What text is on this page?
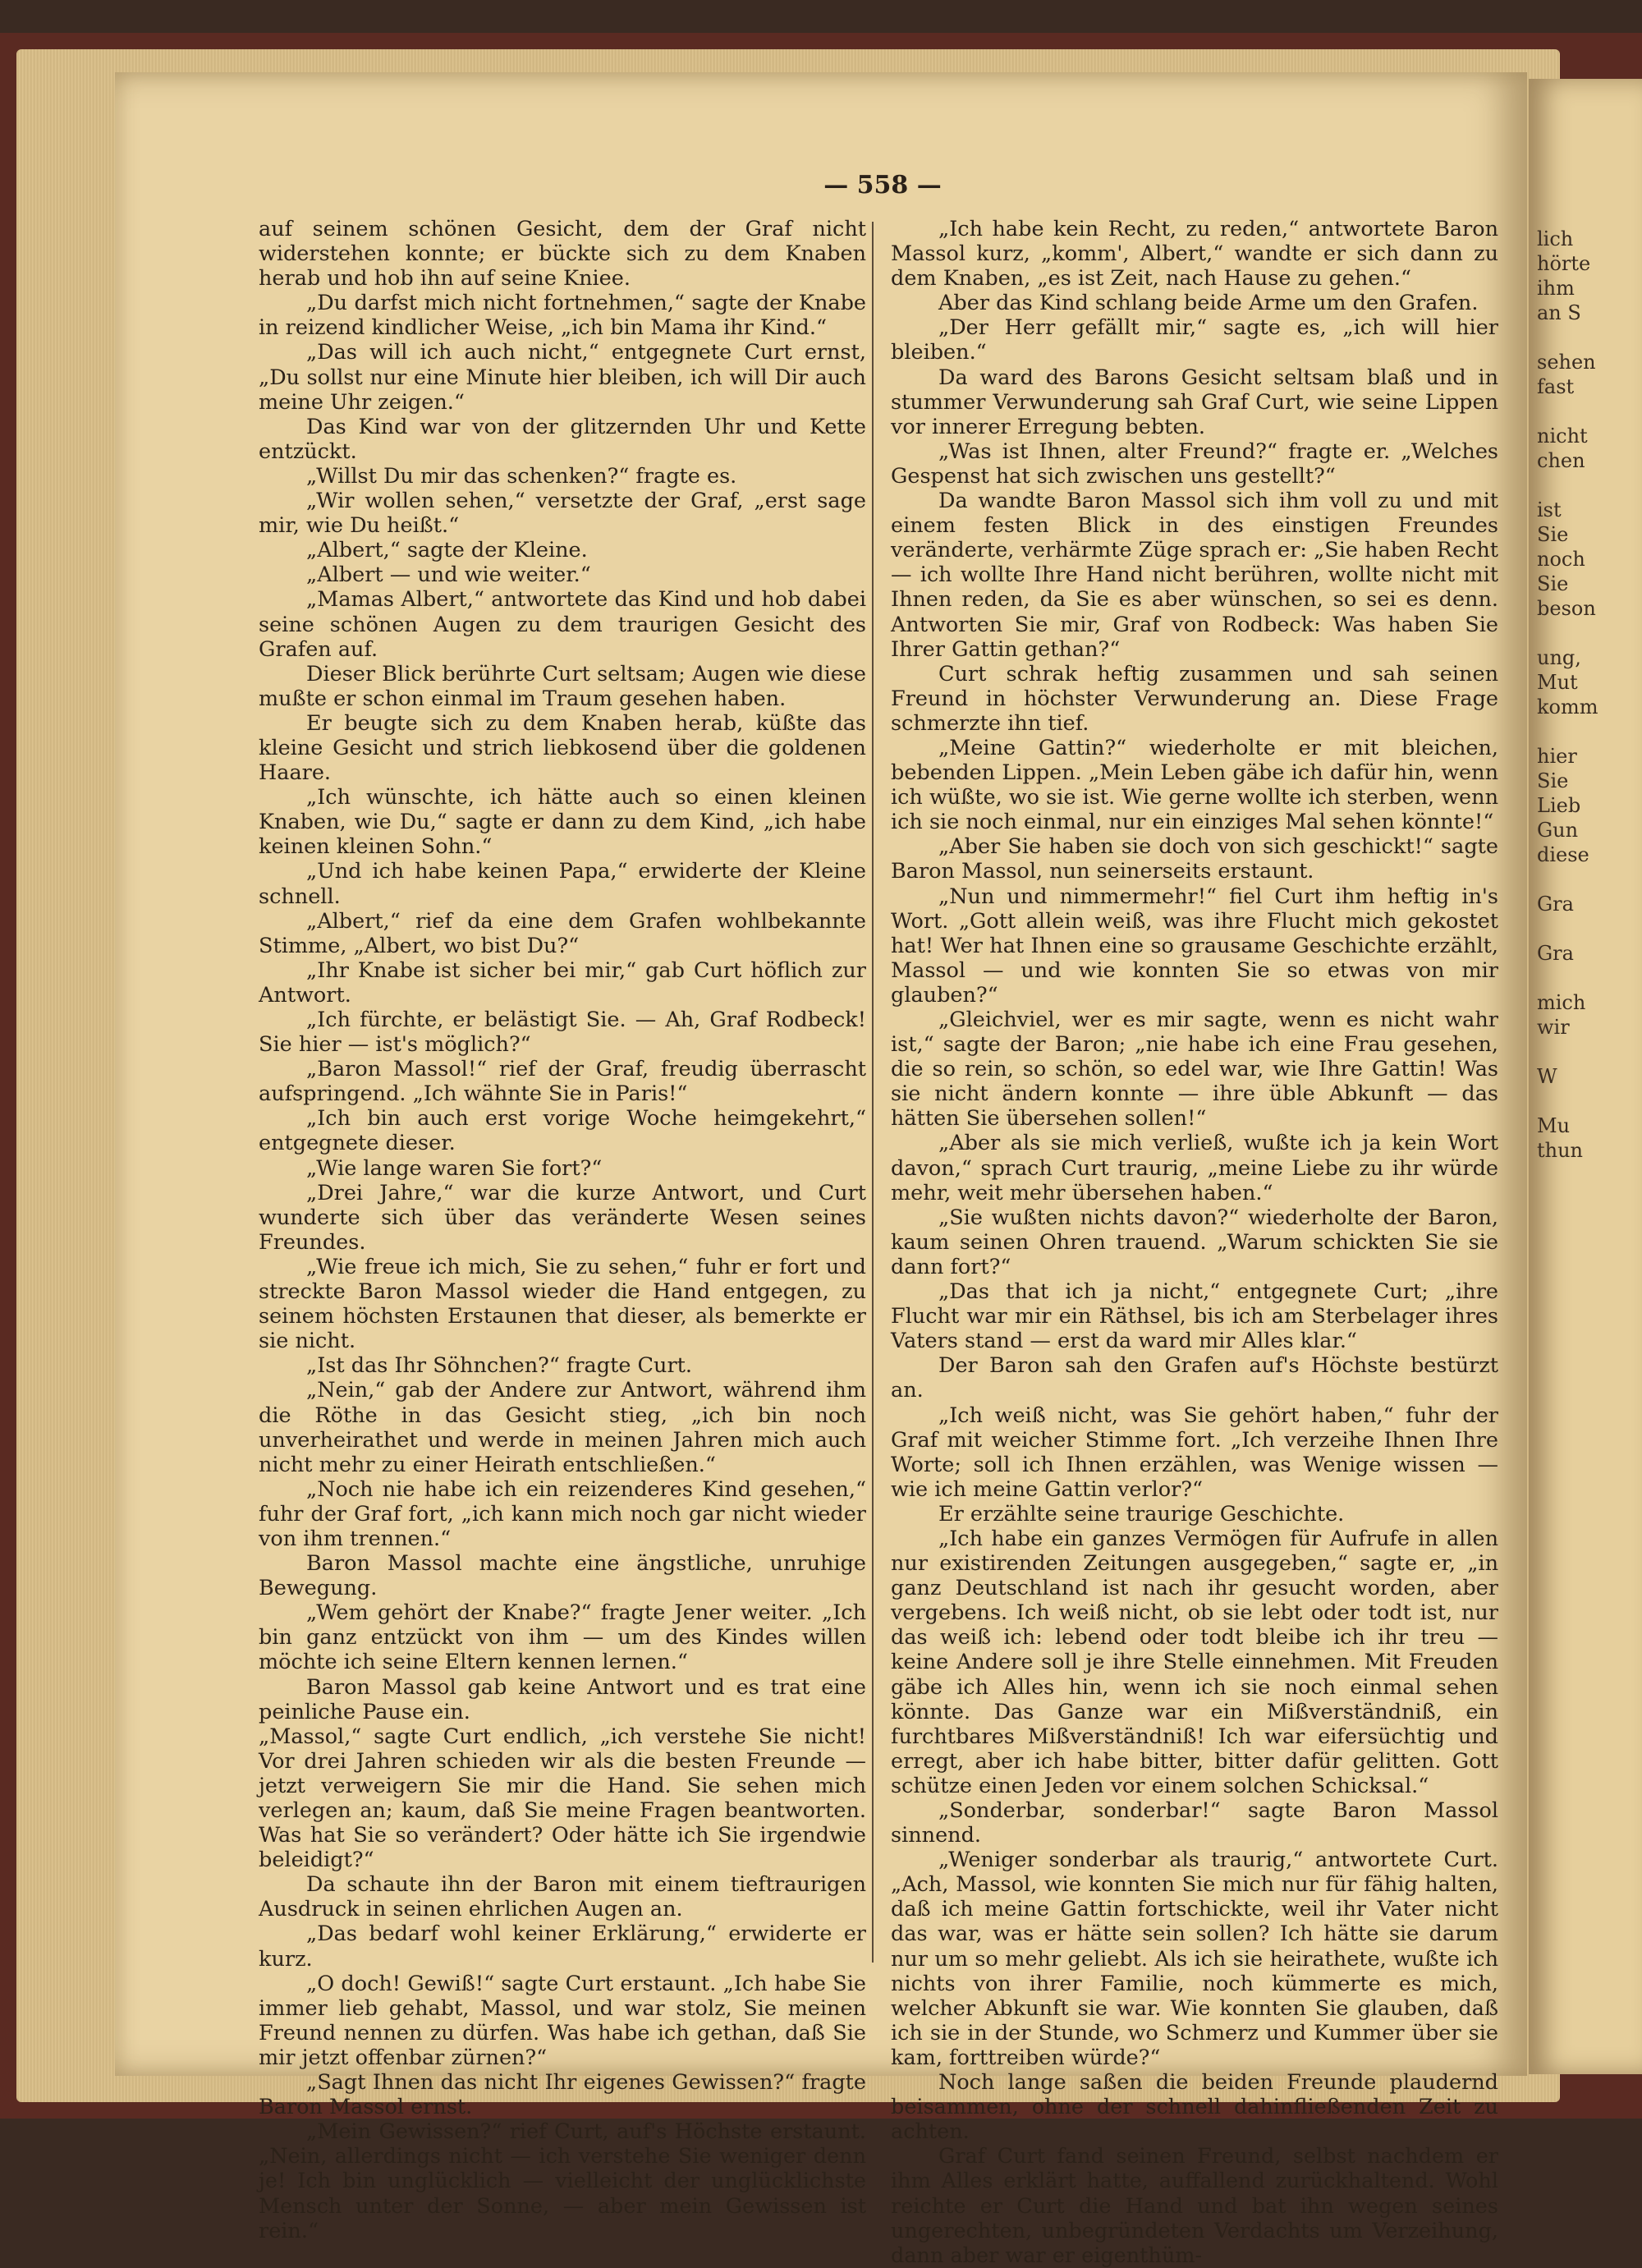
— 558 —

auf seinem schönen Gesicht, dem der Graf nicht widerstehen konnte; er bückte sich zu dem Knaben herab und hob ihn auf seine Kniee.

„Du darfst mich nicht fortnehmen,“ sagte der Knabe in reizend kindlicher Weise, „ich bin Mama ihr Kind.“

„Das will ich auch nicht,“ entgegnete Curt ernst, „Du sollst nur eine Minute hier bleiben, ich will Dir auch meine Uhr zeigen.“

Das Kind war von der glitzernden Uhr und Kette entzückt.

„Willst Du mir das schenken?“ fragte es.

„Wir wollen sehen,“ versetzte der Graf, „erst sage mir, wie Du heißt.“

„Albert,“ sagte der Kleine.

„Albert — und wie weiter.“

„Mamas Albert,“ antwortete das Kind und hob dabei seine schönen Augen zu dem traurigen Gesicht des Grafen auf.

Dieser Blick berührte Curt seltsam; Augen wie diese mußte er schon einmal im Traum gesehen haben.

Er beugte sich zu dem Knaben herab, küßte das kleine Gesicht und strich liebkosend über die goldenen Haare.

„Ich wünschte, ich hätte auch so einen kleinen Knaben, wie Du,“ sagte er dann zu dem Kind, „ich habe keinen kleinen Sohn.“

„Und ich habe keinen Papa,“ erwiderte der Kleine schnell.

„Albert,“ rief da eine dem Grafen wohlbekannte Stimme, „Albert, wo bist Du?“

„Ihr Knabe ist sicher bei mir,“ gab Curt höflich zur Antwort.

„Ich fürchte, er belästigt Sie. — Ah, Graf Rodbeck! Sie hier — ist's möglich?“

„Baron Massol!“ rief der Graf, freudig überrascht aufspringend. „Ich wähnte Sie in Paris!“

„Ich bin auch erst vorige Woche heimgekehrt,“ entgegnete dieser.

„Wie lange waren Sie fort?“

„Drei Jahre,“ war die kurze Antwort, und Curt wunderte sich über das veränderte Wesen seines Freundes.

„Wie freue ich mich, Sie zu sehen,“ fuhr er fort und streckte Baron Massol wieder die Hand entgegen, zu seinem höchsten Erstaunen that dieser, als bemerkte er sie nicht.

„Ist das Ihr Söhnchen?“ fragte Curt.

„Nein,“ gab der Andere zur Antwort, während ihm die Röthe in das Gesicht stieg, „ich bin noch unverheirathet und werde in meinen Jahren mich auch nicht mehr zu einer Heirath entschließen.“

„Noch nie habe ich ein reizenderes Kind gesehen,“ fuhr der Graf fort, „ich kann mich noch gar nicht wieder von ihm trennen.“

Baron Massol machte eine ängstliche, unruhige Bewegung.

„Wem gehört der Knabe?“ fragte Jener weiter. „Ich bin ganz entzückt von ihm — um des Kindes willen möchte ich seine Eltern kennen lernen.“

Baron Massol gab keine Antwort und es trat eine peinliche Pause ein.

„Massol,“ sagte Curt endlich, „ich verstehe Sie nicht! Vor drei Jahren schieden wir als die besten Freunde — jetzt verweigern Sie mir die Hand. Sie sehen mich verlegen an; kaum, daß Sie meine Fragen beantworten. Was hat Sie so verändert? Oder hätte ich Sie irgendwie beleidigt?“

Da schaute ihn der Baron mit einem tieftraurigen Ausdruck in seinen ehrlichen Augen an.

„Das bedarf wohl keiner Erklärung,“ erwiderte er kurz.

„O doch! Gewiß!“ sagte Curt erstaunt. „Ich habe Sie immer lieb gehabt, Massol, und war stolz, Sie meinen Freund nennen zu dürfen. Was habe ich gethan, daß Sie mir jetzt offenbar zürnen?“

„Sagt Ihnen das nicht Ihr eigenes Gewissen?“ fragte Baron Massol ernst.

„Mein Gewissen?“ rief Curt, auf's Höchste erstaunt. „Nein, allerdings nicht — ich verstehe Sie weniger denn je! Ich bin unglücklich — vielleicht der unglücklichste Mensch unter der Sonne, — aber mein Gewissen ist rein.“

„Ich habe kein Recht, zu reden,“ antwortete Baron Massol kurz, „komm', Albert,“ wandte er sich dann zu dem Knaben, „es ist Zeit, nach Hause zu gehen.“

Aber das Kind schlang beide Arme um den Grafen.

„Der Herr gefällt mir,“ sagte es, „ich will hier bleiben.“

Da ward des Barons Gesicht seltsam blaß und in stummer Verwunderung sah Graf Curt, wie seine Lippen vor innerer Erregung bebten.

„Was ist Ihnen, alter Freund?“ fragte er. „Welches Gespenst hat sich zwischen uns gestellt?“

Da wandte Baron Massol sich ihm voll zu und mit einem festen Blick in des einstigen Freundes veränderte, verhärmte Züge sprach er: „Sie haben Recht — ich wollte Ihre Hand nicht berühren, wollte nicht mit Ihnen reden, da Sie es aber wünschen, so sei es denn. Antworten Sie mir, Graf von Rodbeck: Was haben Sie Ihrer Gattin gethan?“

Curt schrak heftig zusammen und sah seinen Freund in höchster Verwunderung an. Diese Frage schmerzte ihn tief.

„Meine Gattin?“ wiederholte er mit bleichen, bebenden Lippen. „Mein Leben gäbe ich dafür hin, wenn ich wüßte, wo sie ist. Wie gerne wollte ich sterben, wenn ich sie noch einmal, nur ein einziges Mal sehen könnte!“

„Aber Sie haben sie doch von sich geschickt!“ sagte Baron Massol, nun seinerseits erstaunt.

„Nun und nimmermehr!“ fiel Curt ihm heftig in's Wort. „Gott allein weiß, was ihre Flucht mich gekostet hat! Wer hat Ihnen eine so grausame Geschichte erzählt, Massol — und wie konnten Sie so etwas von mir glauben?“

„Gleichviel, wer es mir sagte, wenn es nicht wahr ist,“ sagte der Baron; „nie habe ich eine Frau gesehen, die so rein, so schön, so edel war, wie Ihre Gattin! Was sie nicht ändern konnte — ihre üble Abkunft — das hätten Sie übersehen sollen!“

„Aber als sie mich verließ, wußte ich ja kein Wort davon,“ sprach Curt traurig, „meine Liebe zu ihr würde mehr, weit mehr übersehen haben.“

„Sie wußten nichts davon?“ wiederholte der Baron, kaum seinen Ohren trauend. „Warum schickten Sie sie dann fort?“

„Das that ich ja nicht,“ entgegnete Curt; „ihre Flucht war mir ein Räthsel, bis ich am Sterbelager ihres Vaters stand — erst da ward mir Alles klar.“

Der Baron sah den Grafen auf's Höchste bestürzt an.

„Ich weiß nicht, was Sie gehört haben,“ fuhr der Graf mit weicher Stimme fort. „Ich verzeihe Ihnen Ihre Worte; soll ich Ihnen erzählen, was Wenige wissen — wie ich meine Gattin verlor?“

Er erzählte seine traurige Geschichte.

„Ich habe ein ganzes Vermögen für Aufrufe in allen nur existirenden Zeitungen ausgegeben,“ sagte er, „in ganz Deutschland ist nach ihr gesucht worden, aber vergebens. Ich weiß nicht, ob sie lebt oder todt ist, nur das weiß ich: lebend oder todt bleibe ich ihr treu — keine Andere soll je ihre Stelle einnehmen. Mit Freuden gäbe ich Alles hin, wenn ich sie noch einmal sehen könnte. Das Ganze war ein Mißverständniß, ein furchtbares Mißverständniß! Ich war eifersüchtig und erregt, aber ich habe bitter, bitter dafür gelitten. Gott schütze einen Jeden vor einem solchen Schicksal.“

„Sonderbar, sonderbar!“ sagte Baron Massol sinnend.

„Weniger sonderbar als traurig,“ antwortete Curt. „Ach, Massol, wie konnten Sie mich nur für fähig halten, daß ich meine Gattin fortschickte, weil ihr Vater nicht das war, was er hätte sein sollen? Ich hätte sie darum nur um so mehr geliebt. Als ich sie heirathete, wußte ich nichts von ihrer Familie, noch kümmerte es mich, welcher Abkunft sie war. Wie konnten Sie glauben, daß ich sie in der Stunde, wo Schmerz und Kummer über sie kam, forttreiben würde?“

Noch lange saßen die beiden Freunde plaudernd beisammen, ohne der schnell dahinfließenden Zeit zu achten.

Graf Curt fand seinen Freund, selbst nachdem er ihm Alles erklärt hatte, auffallend zurückhaltend. Wohl reichte er Curt die Hand und bat ihn wegen seines ungerechten, unbegründeten Verdachts um Verzeihung, dann aber war er eigenthüm-

lich
hörte
ihm
an S

sehen
fast

nicht
chen

ist
Sie
noch
Sie
beson

ung,
Mut
komm

hier
Sie
Lieb
Gun
diese

Gra

Gra

mich
wir

W

Mu
thun
